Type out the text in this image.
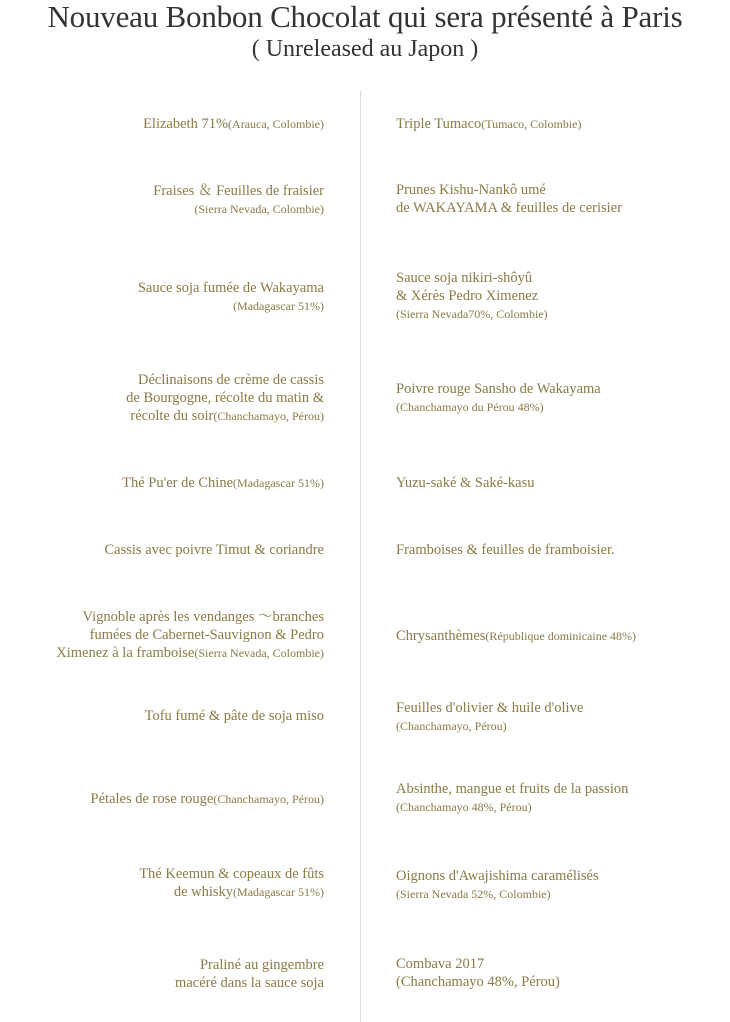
Nouveau Bonbon Chocolat qui sera présenté à Paris
( Unreleased au Japon )
Elizabeth 71%(Arauca, Colombie)
Fraises ＆ Feuilles de fraisier
(Sierra Nevada, Colombie)
Sauce soja fumée de Wakayama
(Madagascar 51%)
Déclinaisons de crème de cassis
de Bourgogne, récolte du matin &
récolte du soir(Chanchamayo, Pérou)
Thé Pu'er de Chine(Madagascar 51%)
Cassis avec poivre Timut & coriandre
Vignoble après les vendanges 〜branches
fumées de Cabernet-Sauvignon & Pedro
Ximenez à la framboise(Sierra Nevada, Colombie)
Tofu fumé & pâte de soja miso
Pétales de rose rouge(Chanchamayo, Pérou)
Thé Keemun & copeaux de fûts
de whisky(Madagascar 51%)
Praliné au gingembre
macéré dans la sauce soja
Triple Tumaco(Tumaco, Colombie)
Prunes Kishu-Nankô umé
de WAKAYAMA & feuilles de cerisier
Sauce soja nikiri-shôyû
& Xérès Pedro Ximenez
(Sierra Nevada70%, Colombie)
Poivre rouge Sansho de Wakayama
(Chanchamayo du Pérou 48%)
Yuzu-saké & Saké-kasu
Framboises & feuilles de framboisier.
Chrysanthèmes(République dominicaine 48%)
Feuilles d'olivier & huile d'olive
(Chanchamayo, Pérou)
Absinthe, mangue et fruits de la passion
(Chanchamayo 48%, Pérou)
Oignons d'Awajishima caramélisés
(Sierra Nevada 52%, Colombie)
Combava 2017
(Chanchamayo 48%, Pérou)
